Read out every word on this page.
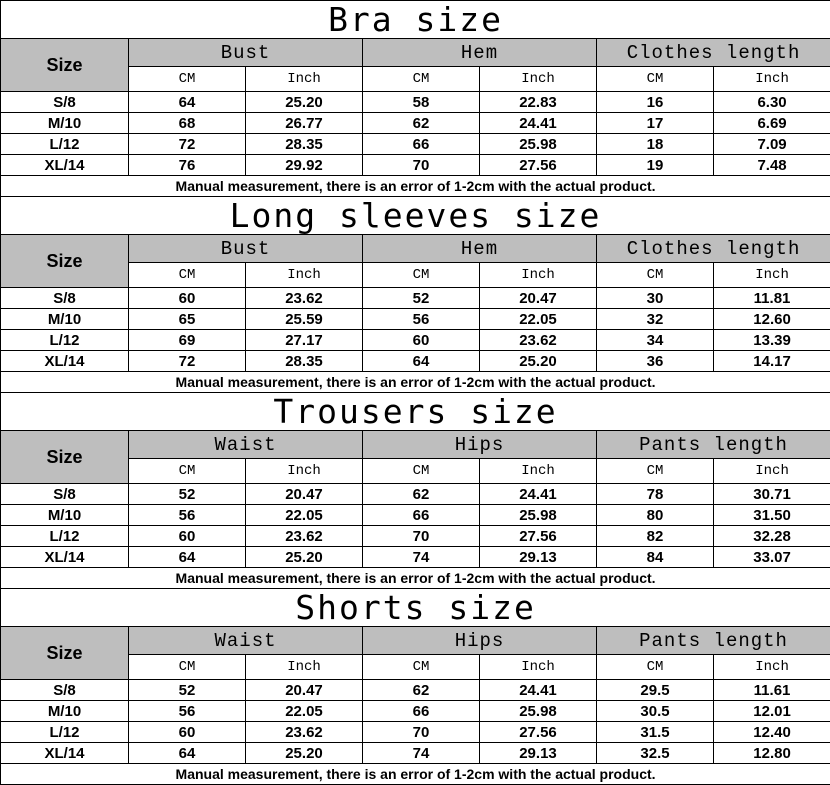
Bra size						
Size	Bust		Hem		Clothes length	
	CM	Inch	CM	Inch	CM	Inch
S/8	64	25.20	58	22.83	16	6.30
M/10	68	26.77	62	24.41	17	6.69
L/12	72	28.35	66	25.98	18	7.09
XL/14	76	29.92	70	27.56	19	7.48
Manual measurement, there is an error of 1-2cm with the actual product.						
Long sleeves size						
Size	Bust		Hem		Clothes length	
	CM	Inch	CM	Inch	CM	Inch
S/8	60	23.62	52	20.47	30	11.81
M/10	65	25.59	56	22.05	32	12.60
L/12	69	27.17	60	23.62	34	13.39
XL/14	72	28.35	64	25.20	36	14.17
Manual measurement, there is an error of 1-2cm with the actual product.						
Trousers size						
Size	Waist		Hips		Pants length	
	CM	Inch	CM	Inch	CM	Inch
S/8	52	20.47	62	24.41	78	30.71
M/10	56	22.05	66	25.98	80	31.50
L/12	60	23.62	70	27.56	82	32.28
XL/14	64	25.20	74	29.13	84	33.07
Manual measurement, there is an error of 1-2cm with the actual product.						
Shorts size						
Size	Waist		Hips		Pants length	
	CM	Inch	CM	Inch	CM	Inch
S/8	52	20.47	62	24.41	29.5	11.61
M/10	56	22.05	66	25.98	30.5	12.01
L/12	60	23.62	70	27.56	31.5	12.40
XL/14	64	25.20	74	29.13	32.5	12.80
Manual measurement, there is an error of 1-2cm with the actual product.						
